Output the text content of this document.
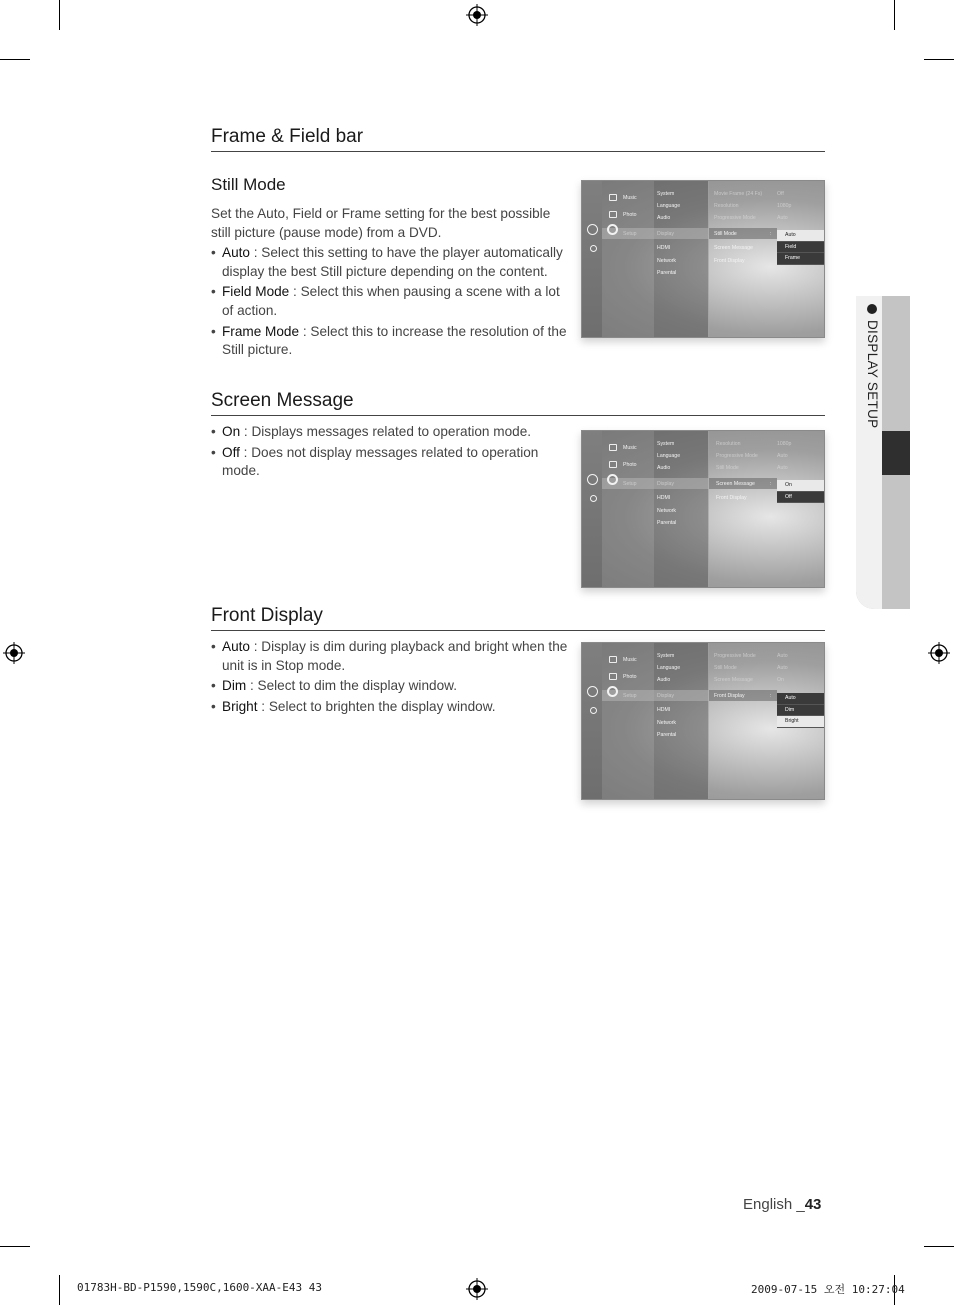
Frame & Field bar
Still Mode

Set the Auto, Field or Frame setting for the best possible still picture (pause mode) from a DVD.

• Auto : Select this setting to have the player automatically display the best Still picture depending on the content.
• Field Mode : Select this when pausing a scene with a lot of action.
• Frame Mode : Select this to increase the resolution of the Still picture.
Music
Photo
Setup
System
Language
Audio
Display
HDMI
Network
Parental
Movie Frame (24 Fs)	Off
Resolution	1080p
Progressive Mode	Auto
Still Mode	:
Screen Message
Front Display
Auto
Field
Frame
Screen Message
• On : Displays messages related to operation mode.
• Off : Does not display messages related to operation mode.
Music
Photo
Setup
System
Language
Audio
Display
HDMI
Network
Parental
Resolution	1080p
Progressive Mode	Auto
Still Mode	Auto
Screen Message	:
Front Display
On
Off
Front Display
• Auto : Display is dim during playback and bright when the unit is in Stop mode.
• Dim : Select to dim the display window.
• Bright : Select to brighten the display window.
Music
Photo
Setup
System
Language
Audio
Display
HDMI
Network
Parental
Progressive Mode	Auto
Still Mode	Auto
Screen Message	On
Front Display	:	Auto
Dim
Bright
DISPLAY SETUP
English _43
01783H-BD-P1590,1590C,1600-XAA-E43 43	2009-07-15 오전 10:27:04
